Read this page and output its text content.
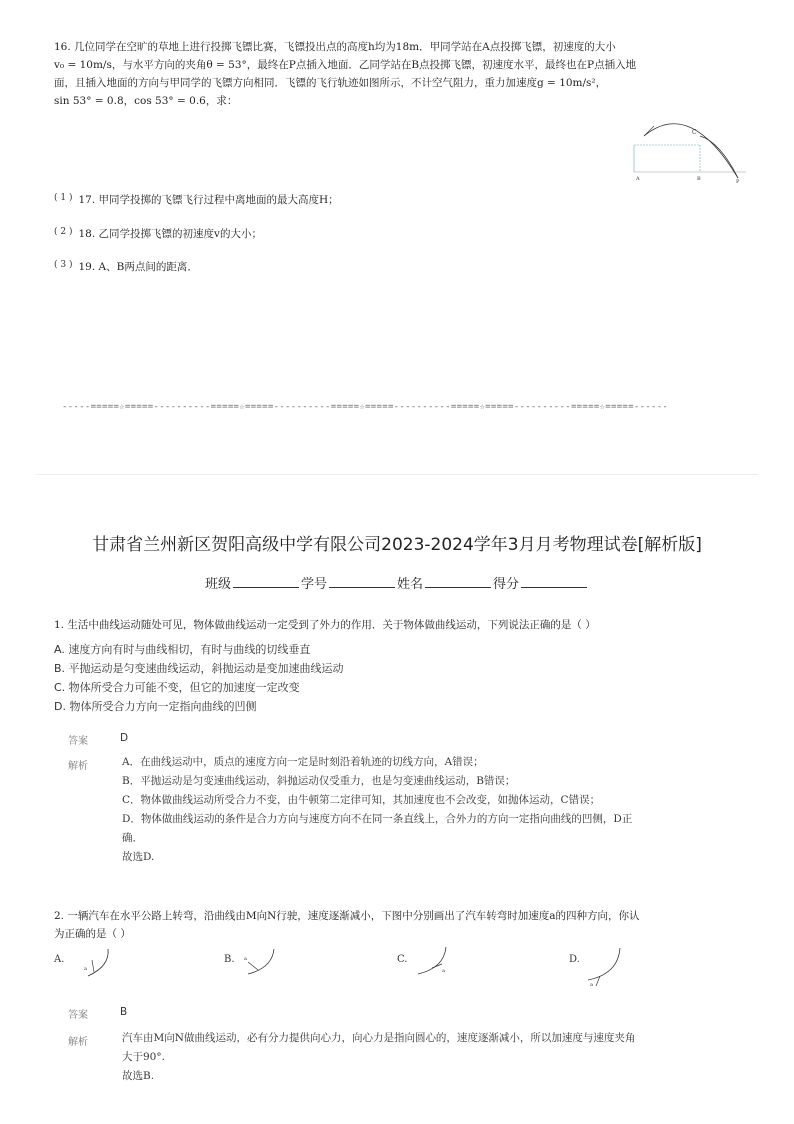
16. 几位同学在空旷的草地上进行投掷飞镖比赛，飞镖投出点的高度h均为18m．甲同学站在A点投掷飞镖，初速度的大小
v₀ = 10m/s，与水平方向的夹角θ = 53°，最终在P点插入地面．乙同学站在B点投掷飞镖，初速度水平，最终也在P点插入地
面，且插入地面的方向与甲同学的飞镖方向相同．飞镖的飞行轨迹如图所示，不计空气阻力，重力加速度g = 10m/s²，
sin 53° = 0.8，cos 53° = 0.6，求：
C
A	B	P
( 1 ) 17. 甲同学投掷的飞镖飞行过程中离地面的最大高度H；
( 2 ) 18. 乙同学投掷飞镖的初速度v的大小；
( 3 ) 19. A、B两点间的距离．
-----=====☆=====----------=====☆=====----------=====☆=====----------=====☆=====----------=====☆=====------
甘肃省兰州新区贺阳高级中学有限公司2023-2024学年3月月考物理试卷[解析版]
班级	学号	姓名	得分
1. 生活中曲线运动随处可见，物体做曲线运动一定受到了外力的作用．关于物体做曲线运动，下列说法正确的是（ ）
A. 速度方向有时与曲线相切，有时与曲线的切线垂直
B. 平抛运动是匀变速曲线运动，斜抛运动是变加速曲线运动
C. 物体所受合力可能不变，但它的加速度一定改变
D. 物体所受合力方向一定指向曲线的凹侧
答案	D
解析	A．在曲线运动中，质点的速度方向一定是时刻沿着轨迹的切线方向，A错误；
B．平抛运动是匀变速曲线运动，斜抛运动仅受重力，也是匀变速曲线运动，B错误；
C．物体做曲线运动所受合力不变，由牛顿第二定律可知，其加速度也不会改变，如抛体运动，C错误；
D．物体做曲线运动的条件是合力方向与速度方向不在同一条直线上，合外力的方向一定指向曲线的凹侧，D正
确．
故选D.
2. 一辆汽车在水平公路上转弯，沿曲线由M向N行驶，速度逐渐减小，下图中分别画出了汽车转弯时加速度a的四种方向，你认
为正确的是（ ）
A.
a
B. a	C.
a
D.
a
答案	B
解析	汽车由M向N做曲线运动，必有分力提供向心力，向心力是指向圆心的，速度逐渐减小，所以加速度与速度夹角
大于90°.
故选B.
